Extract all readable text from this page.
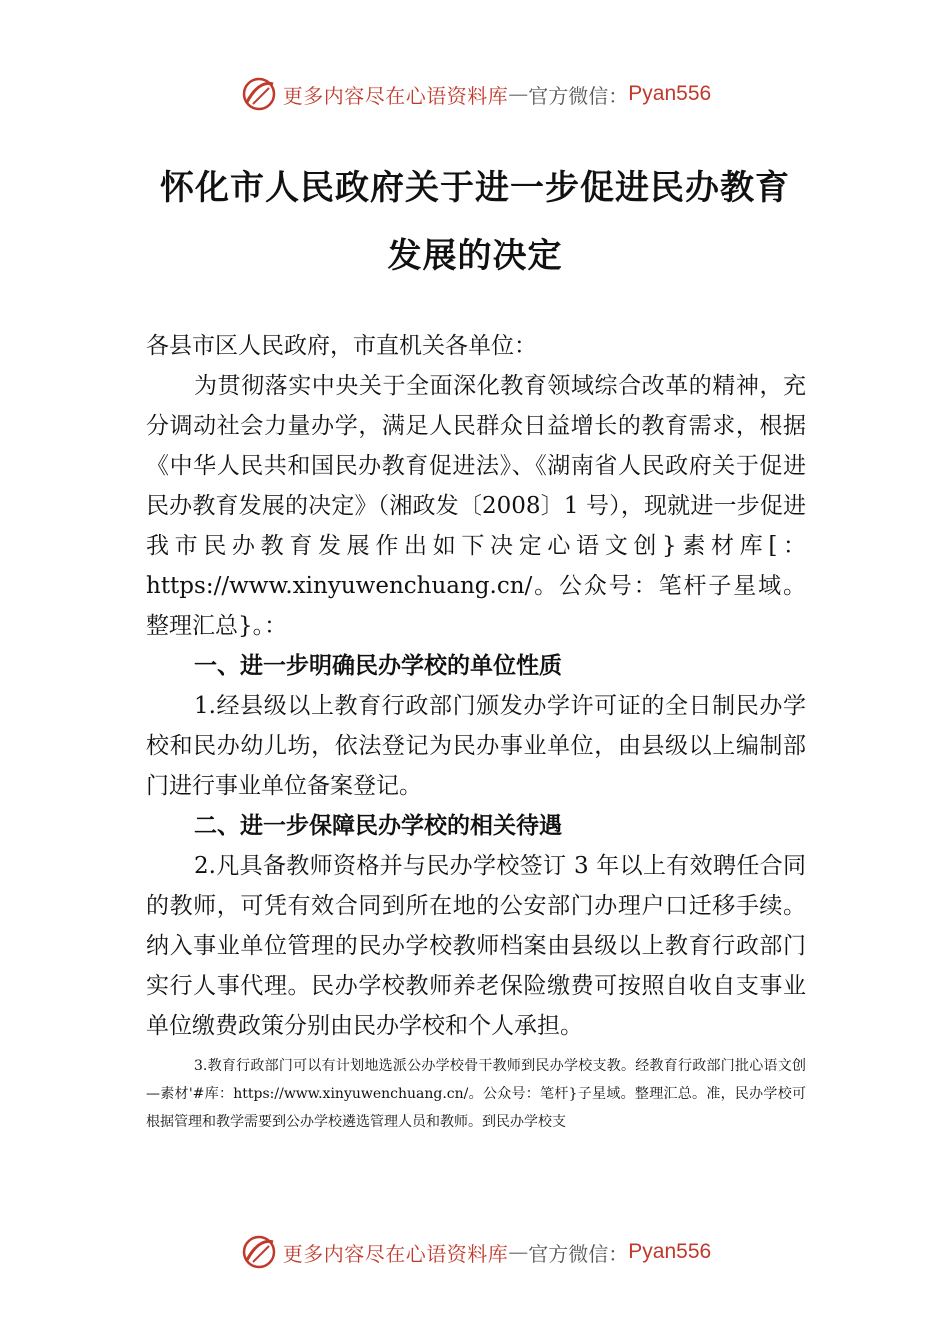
更多内容尽在心语资料库 — 官方微信： Pyan556
怀化市人民政府关于进一步促进民办教育
发展的决定

各县市区人民政府，市直机关各单位：

为贯彻落实中央关于全面深化教育领域综合改革的精神，充分调动社会力量办学，满足人民群众日益增长的教育需求，根据《中华人民共和国民办教育促进法》、《湖南省人民政府关于促进民办教育发展的决定》（湘政发〔2008〕1 号），现就进一步促进我市民办教育发展作出如下决定心语文创}素材库[：https://www.xinyuwenchuang.cn/。公众号：笔杆子星域。整理汇总}。：

一、进一步明确民办学校的单位性质

1.经县级以上教育行政部门颁发办学许可证的全日制民办学校和民办幼儿㘯，依法登记为民办事业单位，由县级以上编制部门进行事业单位备案登记。

二、进一步保障民办学校的相关待遇

2.凡具备教师资格并与民办学校签订 3 年以上有效聘任合同的教师，可凭有效合同到所在地的公安部门办理户口迁移手续。纳入事业单位管理的民办学校教师档案由县级以上教育行政部门实行人事代理。民办学校教师养老保险缴费可按照自收自支事业单位缴费政策分别由民办学校和个人承担。

3.教育行政部门可以有计划地选派公办学校骨干教师到民办学校支教。经教育行政部门批心语文创—素材'#库：https://www.xinyuwenchuang.cn/。公众号：笔杆}子星域。整理汇总。准，民办学校可根据管理和教学需要到公办学校遴选管理人员和教师。到民办学校支

更多内容尽在心语资料库 — 官方微信： Pyan556
